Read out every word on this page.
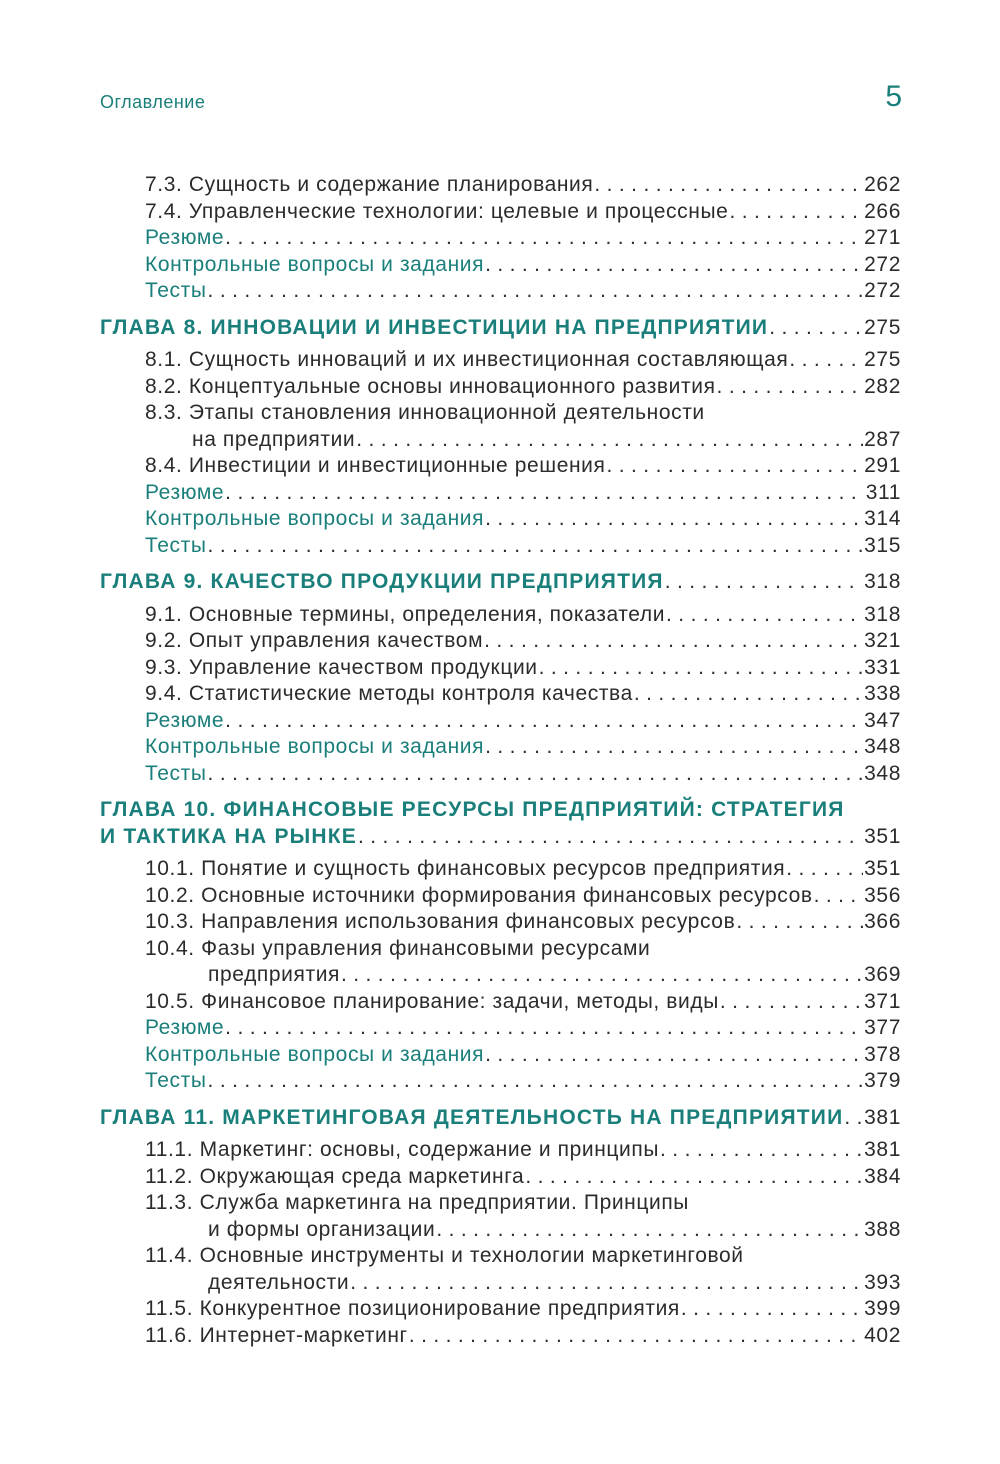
Оглавление	5
7.3. Сущность и содержание планирования . . .	262
7.4. Управленческие технологии: целевые и процессные . . .	266
Резюме . . .	271
Контрольные вопросы и задания . . .	272
Тесты . . .	272
ГЛАВА 8. ИННОВАЦИИ И ИНВЕСТИЦИИ НА ПРЕДПРИЯТИИ . . .	275
8.1. Сущность инноваций и их инвестиционная составляющая . . .	275
8.2. Концептуальные основы инновационного развития . . .	282
8.3. Этапы становления инновационной деятельности
на предприятии . . .	287
8.4. Инвестиции и инвестиционные решения . . .	291
Резюме . . .	311
Контрольные вопросы и задания . . .	314
Тесты . . .	315
ГЛАВА 9. КАЧЕСТВО ПРОДУКЦИИ ПРЕДПРИЯТИЯ . . .	318
9.1. Основные термины, определения, показатели . . .	318
9.2. Опыт управления качеством . . .	321
9.3. Управление качеством продукции . . .	331
9.4. Статистические методы контроля качества . . .	338
Резюме . . .	347
Контрольные вопросы и задания . . .	348
Тесты . . .	348
ГЛАВА 10. ФИНАНСОВЫЕ РЕСУРСЫ ПРЕДПРИЯТИЙ: СТРАТЕГИЯ
И ТАКТИКА НА РЫНКЕ . . .	351
10.1. Понятие и сущность финансовых ресурсов предприятия . . .	351
10.2. Основные источники формирования финансовых ресурсов . . . 356
10.3. Направления использования финансовых ресурсов . . .	366
10.4. Фазы управления финансовыми ресурсами
предприятия . . .	369
10.5. Финансовое планирование: задачи, методы, виды . . .	371
Резюме . . .	377
Контрольные вопросы и задания . . .	378
Тесты . . .	379
ГЛАВА 11. МАРКЕТИНГОВАЯ ДЕЯТЕЛЬНОСТЬ НА ПРЕДПРИЯТИИ . . . 381
11.1. Маркетинг: основы, содержание и принципы . . .	381
11.2. Окружающая среда маркетинга . . .	384
11.3. Служба маркетинга на предприятии. Принципы
и формы организации . . .	388
11.4. Основные инструменты и технологии маркетинговой
деятельности . . .	393
11.5. Конкурентное позиционирование предприятия . . .	399
11.6. Интернет-маркетинг . . .	402
